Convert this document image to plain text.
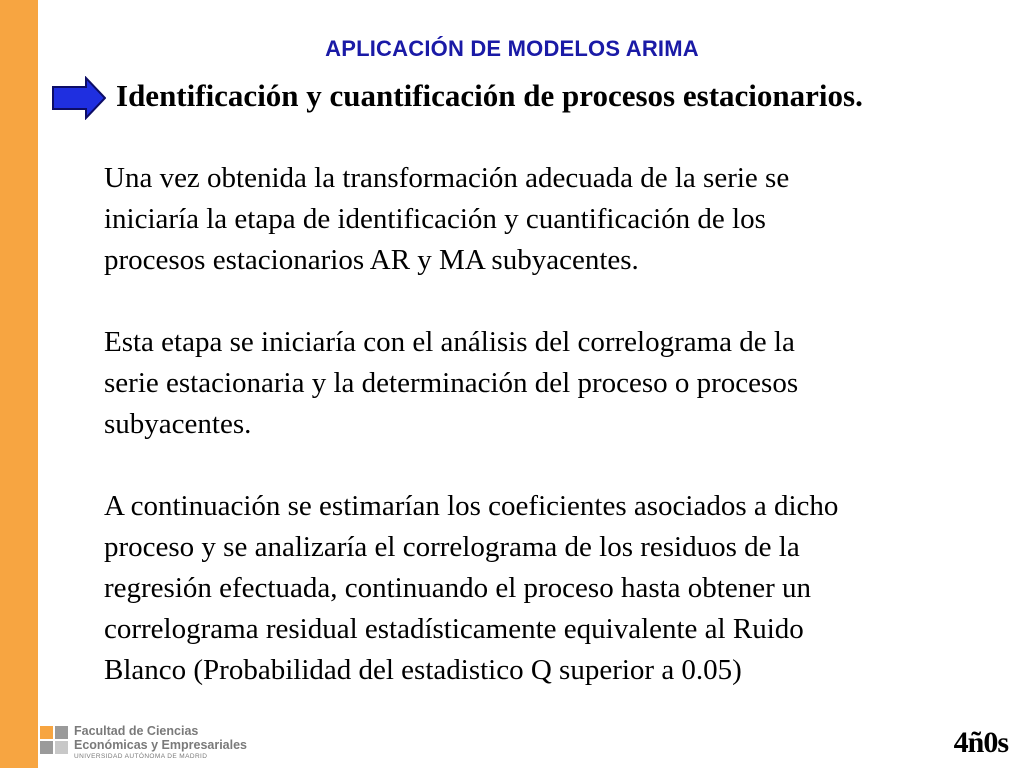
APLICACIÓN DE MODELOS ARIMA
Identificación y cuantificación de procesos estacionarios.
Una vez obtenida la transformación adecuada de la serie se
iniciaría la etapa de identificación y cuantificación de los
procesos estacionarios AR y MA subyacentes.
Esta etapa se iniciaría con el análisis del correlograma de la
serie estacionaria y la determinación del proceso o procesos
subyacentes.
A continuación se estimarían los coeficientes asociados a dicho
proceso y se analizaría el correlograma de los residuos de la
regresión efectuada, continuando el proceso hasta obtener un
correlograma residual estadísticamente equivalente al Ruido
Blanco (Probabilidad del estadistico Q superior a 0.05)
Facultad de Ciencias
Económicas y Empresariales
UNIVERSIDAD AUTÓNOMA DE MADRID	4ñ0s
